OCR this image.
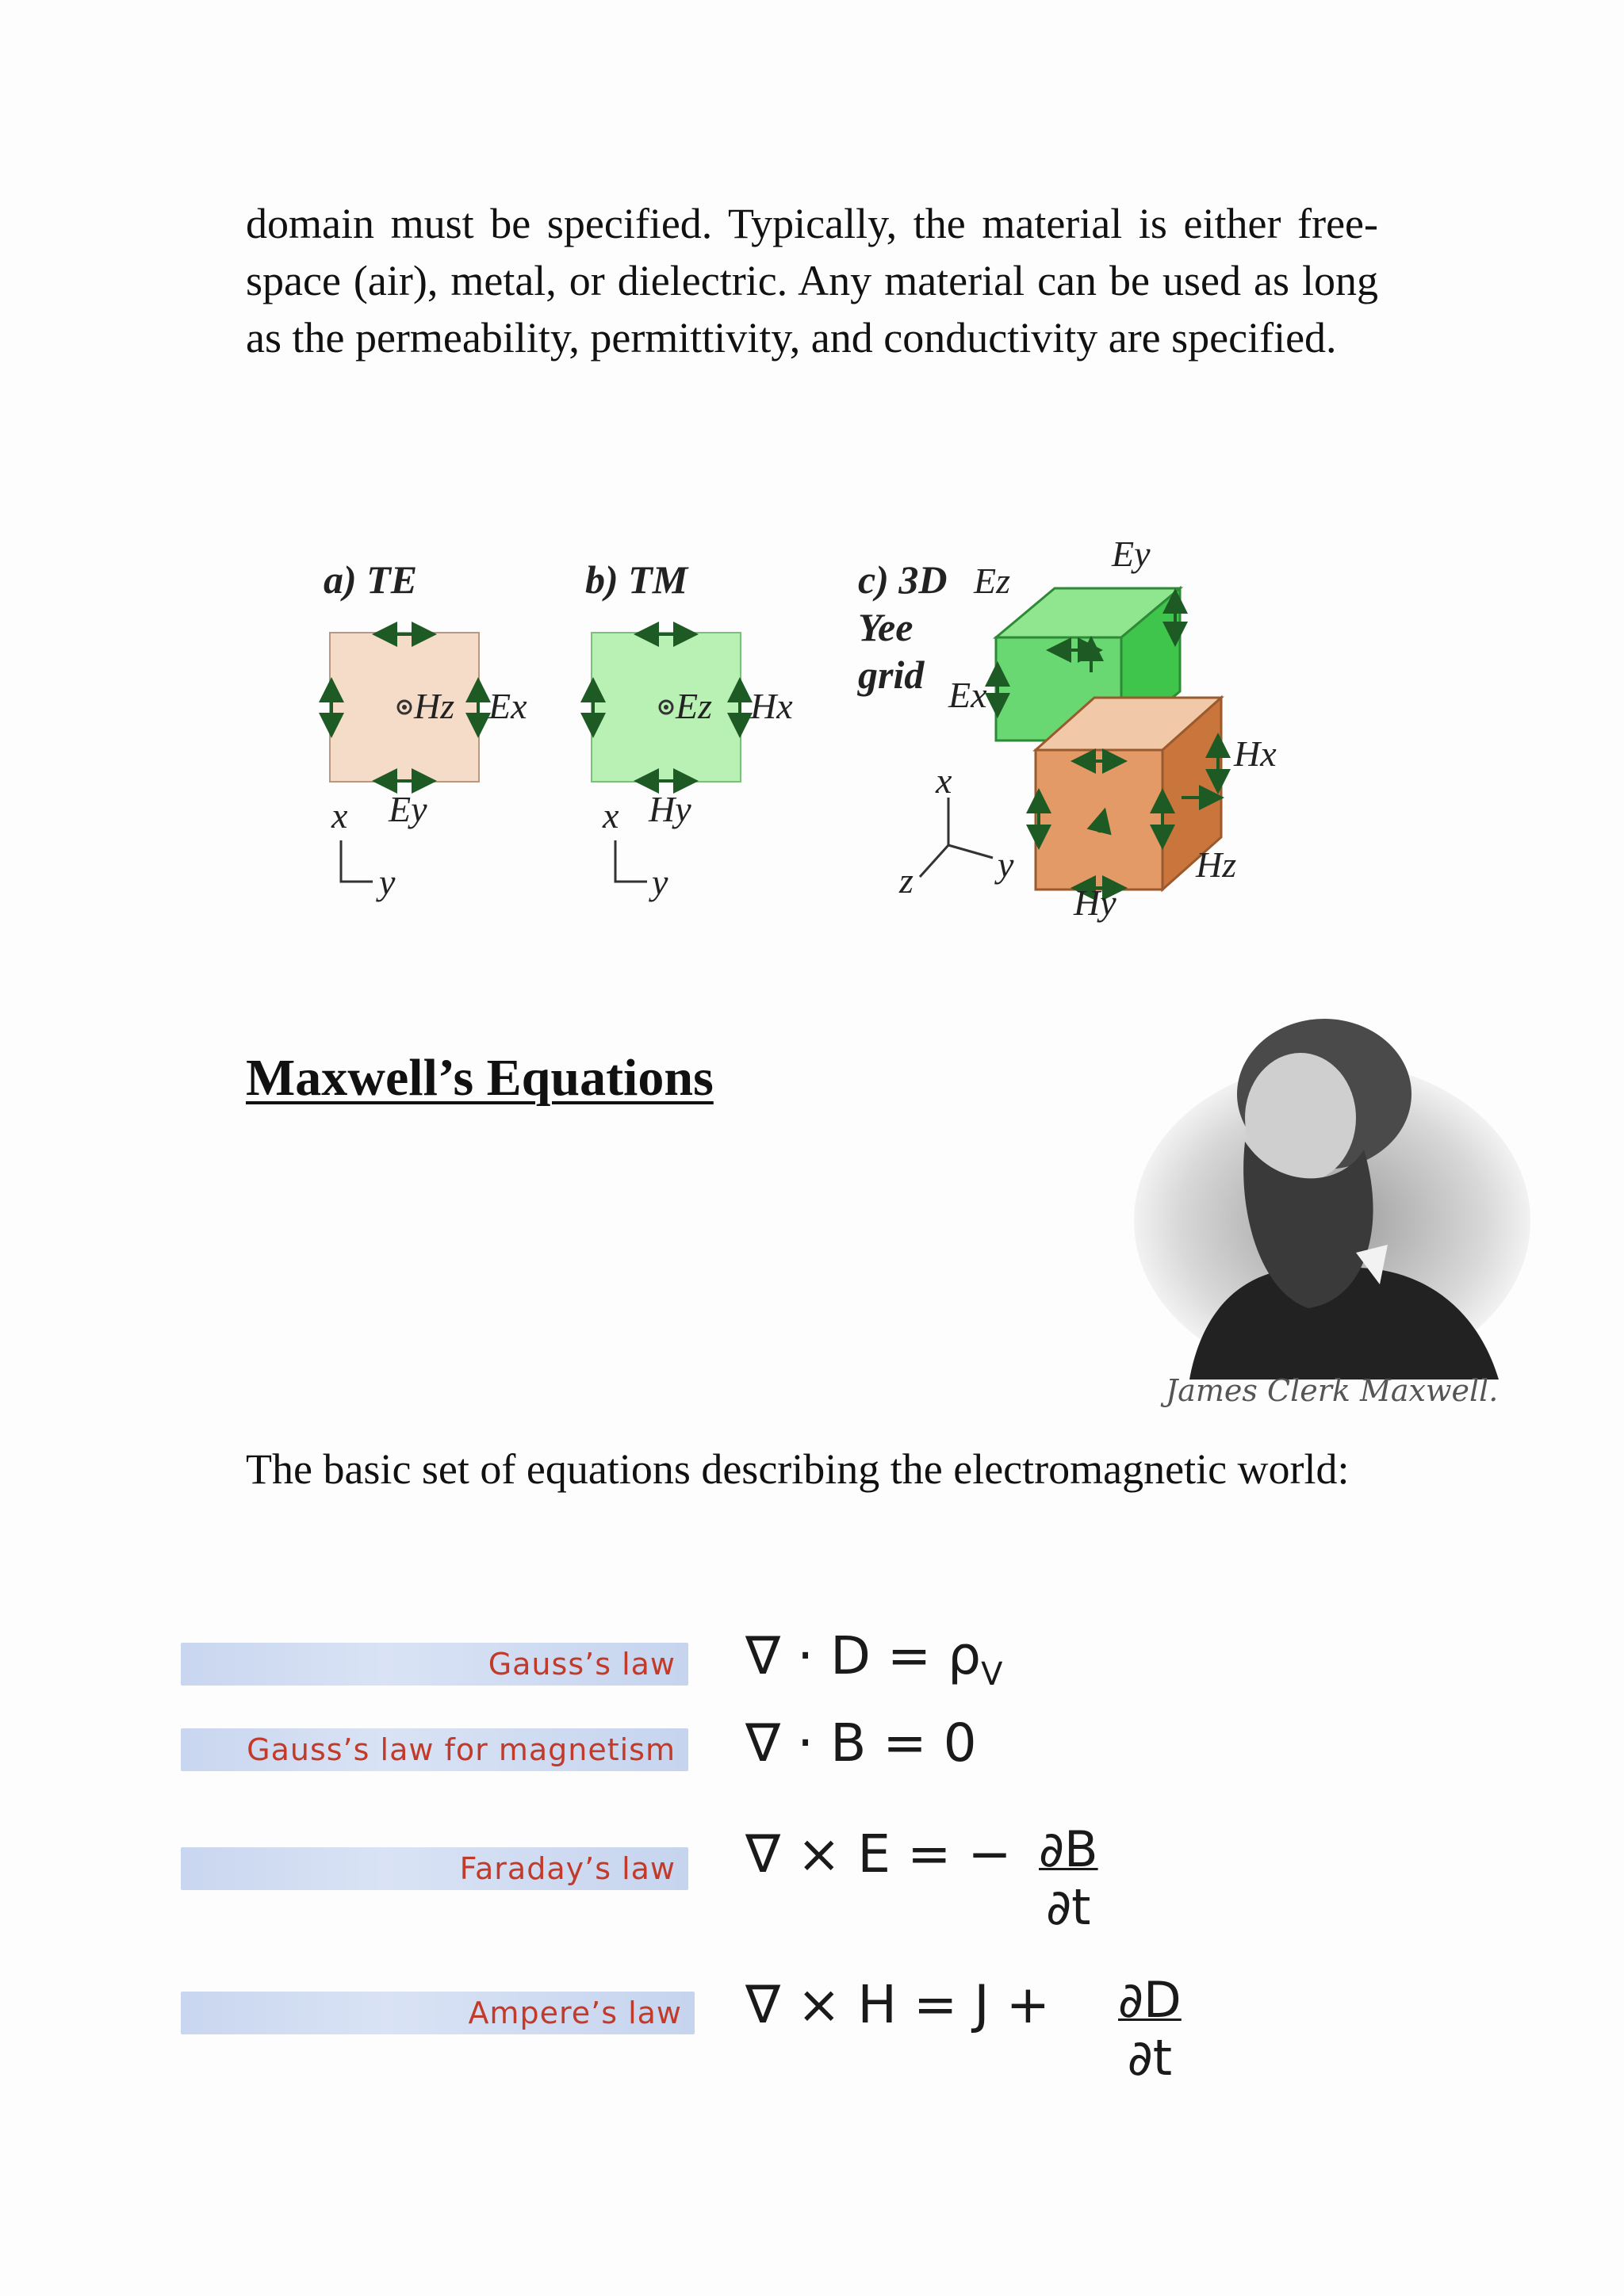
domain must be specified. Typically, the material is either free-space (air), metal, or dielectric. Any material can be used as long as the permeability, permittivity, and conductivity are specified.
a) TE
Hz Ex
Ey
x
y
b) TM
Ez Hx
Hy
x
y
c) 3D
Yee
grid
Ez
Ey
Ex
Hx
Hz
Hy
x
y
z
Maxwell’s Equations
James Clerk Maxwell.
The basic set of equations describing the electromagnetic world:
Gauss’s law ∇ · $D = \rho_V$
Gauss’s law for magnetism ∇ · B = 0
Faraday’s law ∇ × E = − $\frac{\partial B}{\partial t}$
Ampere’s law ∇ × $H = J + \frac{\partial D}{\partial t}$
